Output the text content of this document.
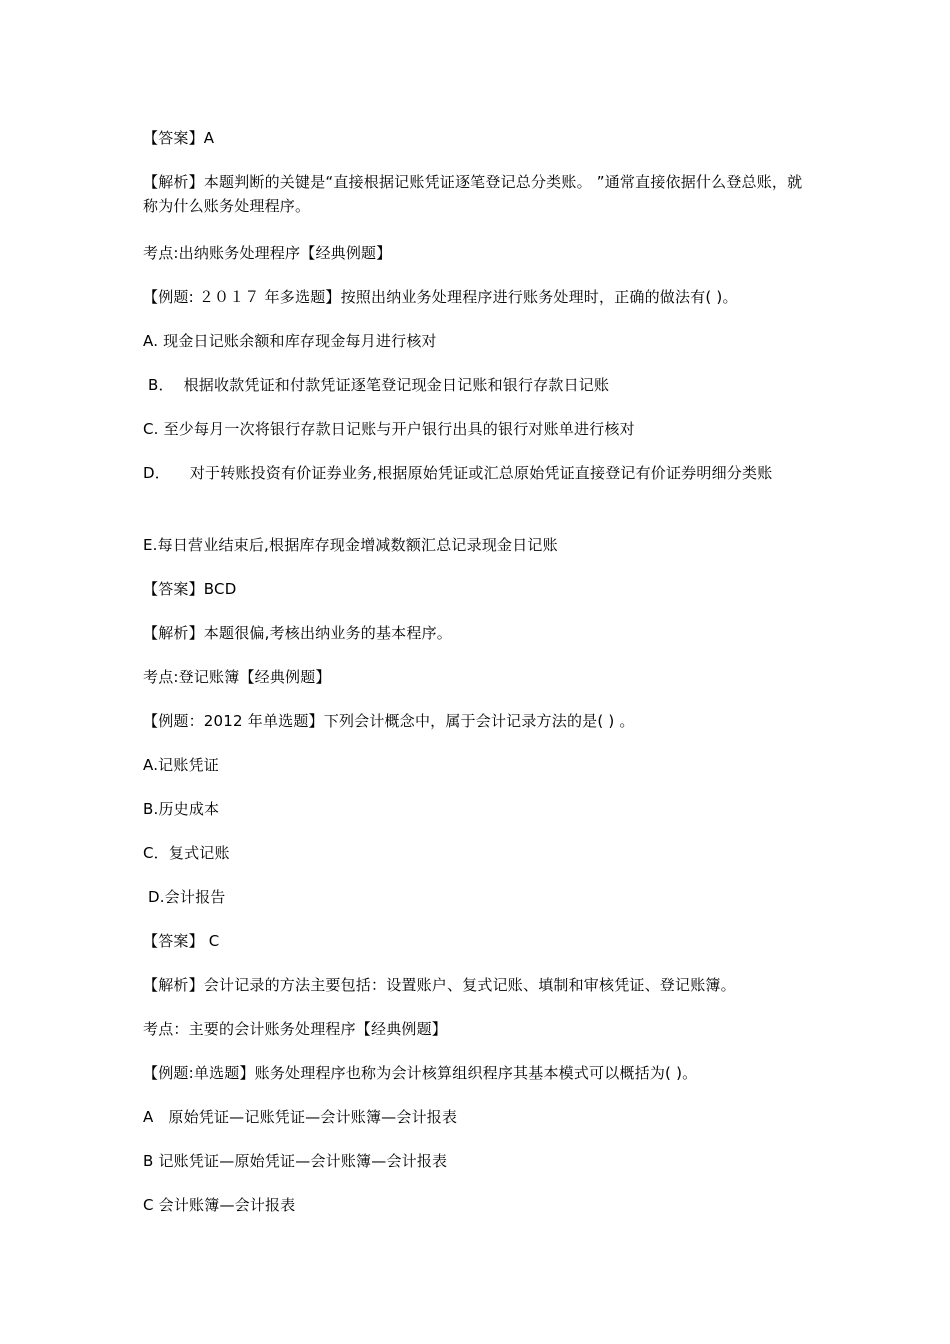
【答案】A
【解析】本题判断的关键是“直接根据记账凭证逐笔登记总分类账。 ”通常直接依据什么登总账，就称为什么账务处理程序。
考点:出纳账务处理程序【经典例题】
【例题: ２０１７ 年多选题】按照出纳业务处理程序进行账务处理时，正确的做法有( )。
A. 现金日记账余额和库存现金每月进行核对
B．  根据收款凭证和付款凭证逐笔登记现金日记账和银行存款日记账
C. 至少每月一次将银行存款日记账与开户银行出具的银行对账单进行核对
D．    对于转账投资有价证券业务,根据原始凭证或汇总原始凭证直接登记有价证券明细分类账
E.每日营业结束后,根据库存现金增减数额汇总记录现金日记账
【答案】BCD
【解析】本题很偏,考核出纳业务的基本程序。
考点:登记账簿【经典例题】
【例题：2012 年单选题】下列会计概念中，属于会计记录方法的是( ) 。
A.记账凭证
B.历史成本
C．复式记账
D.会计报告
【答案】 C
【解析】会计记录的方法主要包括：设置账户、复式记账、填制和审核凭证、登记账簿。
考点：主要的会计账务处理程序【经典例题】
【例题:单选题】账务处理程序也称为会计核算组织程序其基本模式可以概括为( )。
A   原始凭证—记账凭证—会计账簿—会计报表
B 记账凭证—原始凭证—会计账簿—会计报表
C 会计账簿—会计报表
